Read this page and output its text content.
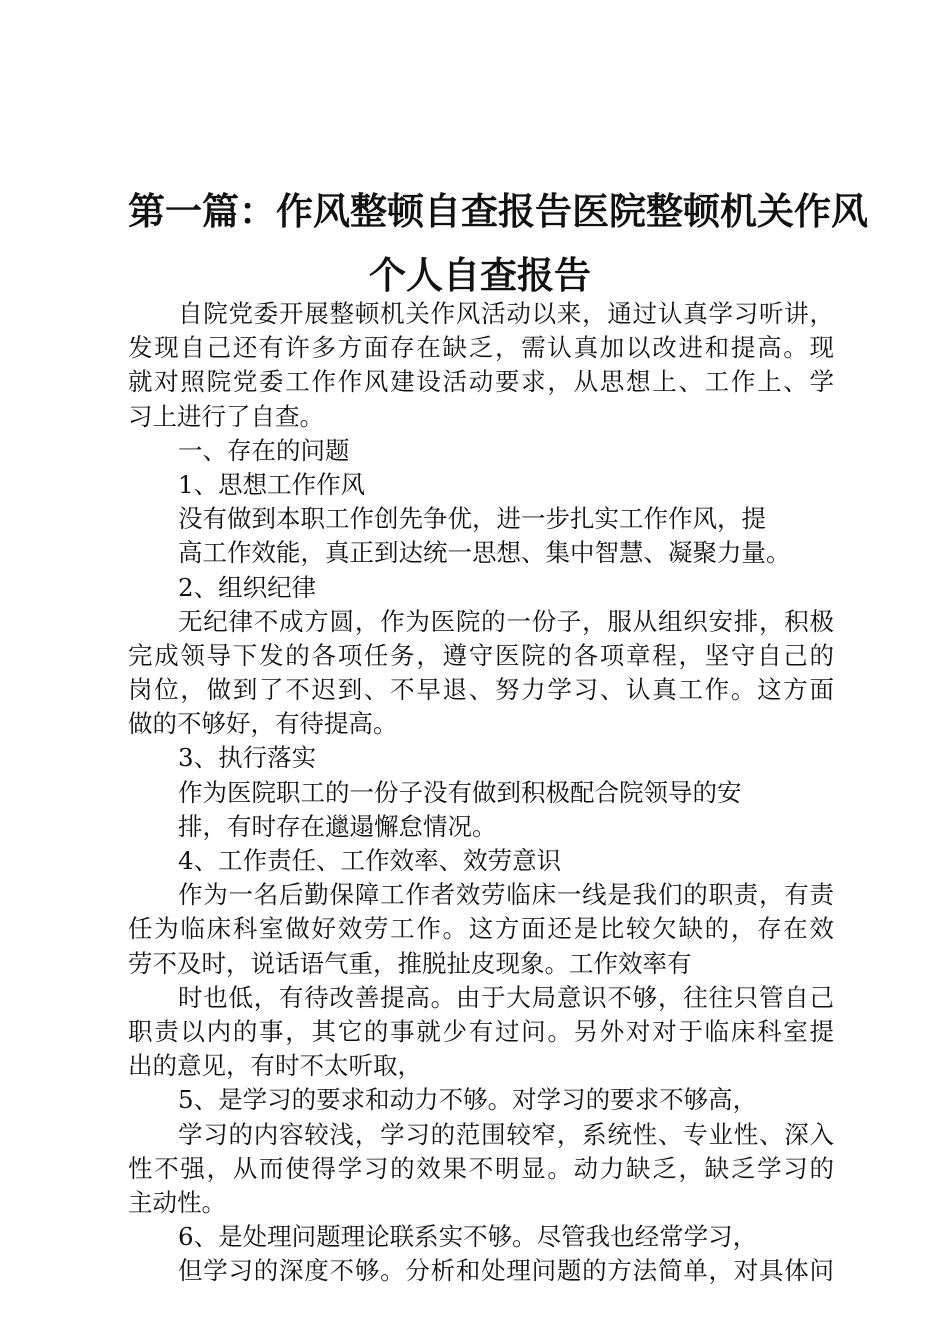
第一篇：作风整顿自查报告医院整顿机关作风
个人自查报告
自院党委开展整顿机关作风活动以来，通过认真学习听讲，
发现自己还有许多方面存在缺乏，需认真加以改进和提高。现
就对照院党委工作作风建设活动要求，从思想上、工作上、学
习上进行了自查。
一、存在的问题
1、思想工作作风
没有做到本职工作创先争优，进一步扎实工作作风，提
高工作效能，真正到达统一思想、集中智慧、凝聚力量。
2、组织纪律
无纪律不成方圆，作为医院的一份子，服从组织安排，积极
完成领导下发的各项任务，遵守医院的各项章程，坚守自己的
岗位，做到了不迟到、不早退、努力学习、认真工作。这方面
做的不够好，有待提高。
3、执行落实
作为医院职工的一份子没有做到积极配合院领导的安
排，有时存在邋遢懈怠情况。
4、工作责任、工作效率、效劳意识
作为一名后勤保障工作者效劳临床一线是我们的职责，有责
任为临床科室做好效劳工作。这方面还是比较欠缺的，存在效
劳不及时，说话语气重，推脱扯皮现象。工作效率有
时也低，有待改善提高。由于大局意识不够，往往只管自己
职责以内的事，其它的事就少有过问。另外对对于临床科室提
出的意见，有时不太听取，
5、是学习的要求和动力不够。对学习的要求不够高，
学习的内容较浅，学习的范围较窄，系统性、专业性、深入
性不强，从而使得学习的效果不明显。动力缺乏，缺乏学习的
主动性。
6、是处理问题理论联系实不够。尽管我也经常学习，
但学习的深度不够。分析和处理问题的方法简单，对具体问
